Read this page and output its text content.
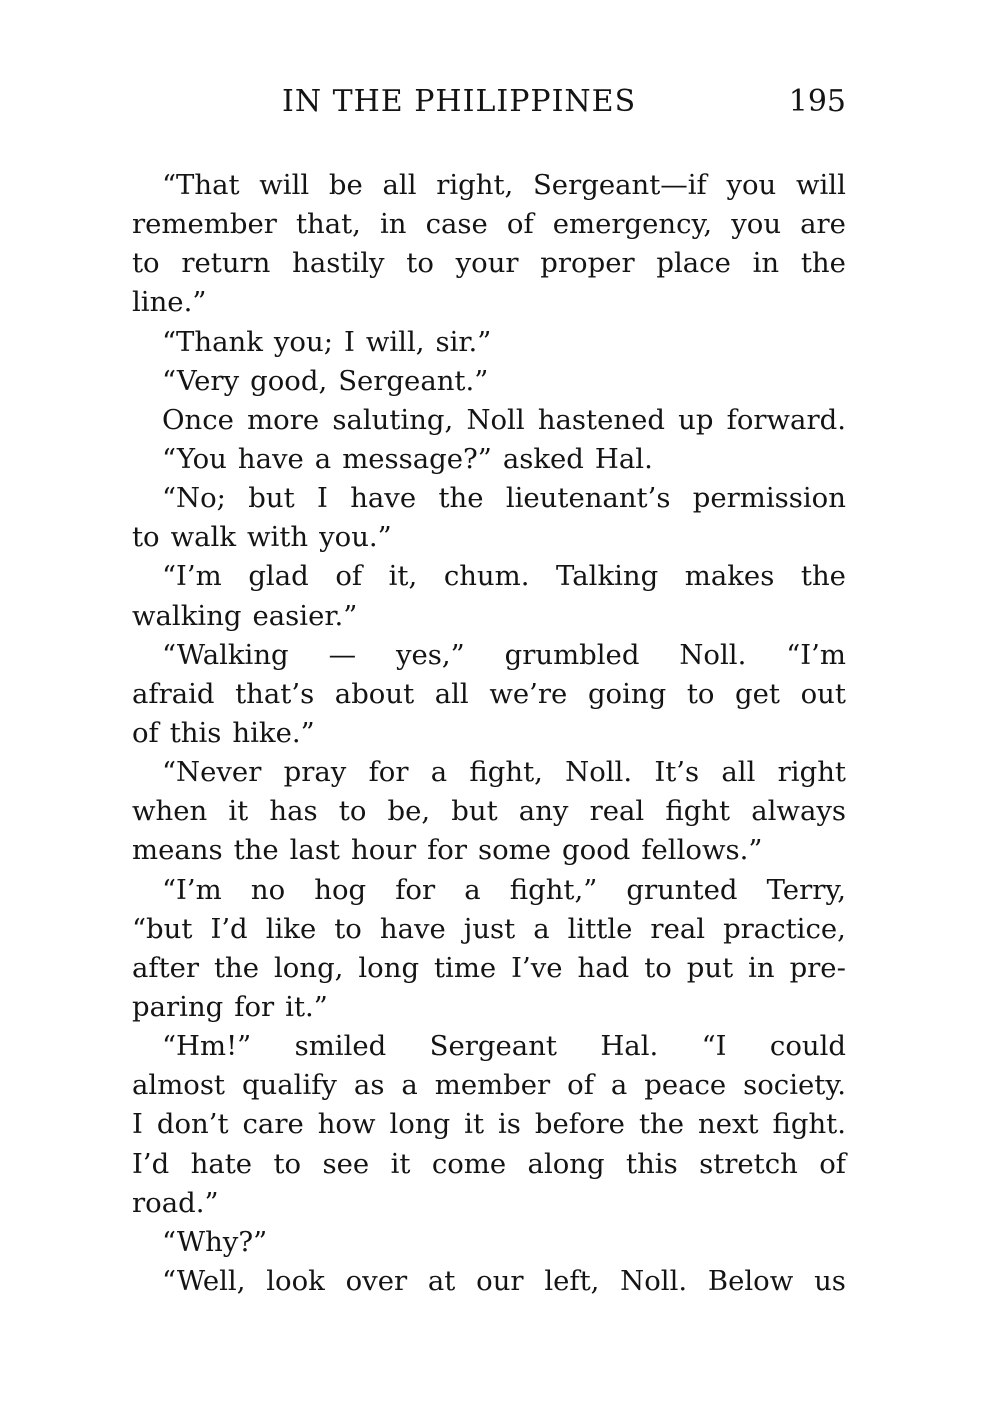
IN THE PHILIPPINES	195
“That will be all right, Sergeant—if you will
remember that, in case of emergency, you are
to return hastily to your proper place in the
line.”
“Thank you; I will, sir.”
“Very good, Sergeant.”
Once more saluting, Noll hastened up forward.
“You have a message?” asked Hal.
“No; but I have the lieutenant’s permission
to walk with you.”
“I’m glad of it, chum. Talking makes the
walking easier.”
“Walking — yes,” grumbled Noll. “I’m
afraid that’s about all we’re going to get out
of this hike.”
“Never pray for a fight, Noll. It’s all right
when it has to be, but any real fight always
means the last hour for some good fellows.”
“I’m no hog for a fight,” grunted Terry,
“but I’d like to have just a little real practice,
after the long, long time I’ve had to put in pre-
paring for it.”
“Hm!” smiled Sergeant Hal. “I could
almost qualify as a member of a peace society.
I don’t care how long it is before the next fight.
I’d hate to see it come along this stretch of
road.”
“Why?”
“Well, look over at our left, Noll. Below us
